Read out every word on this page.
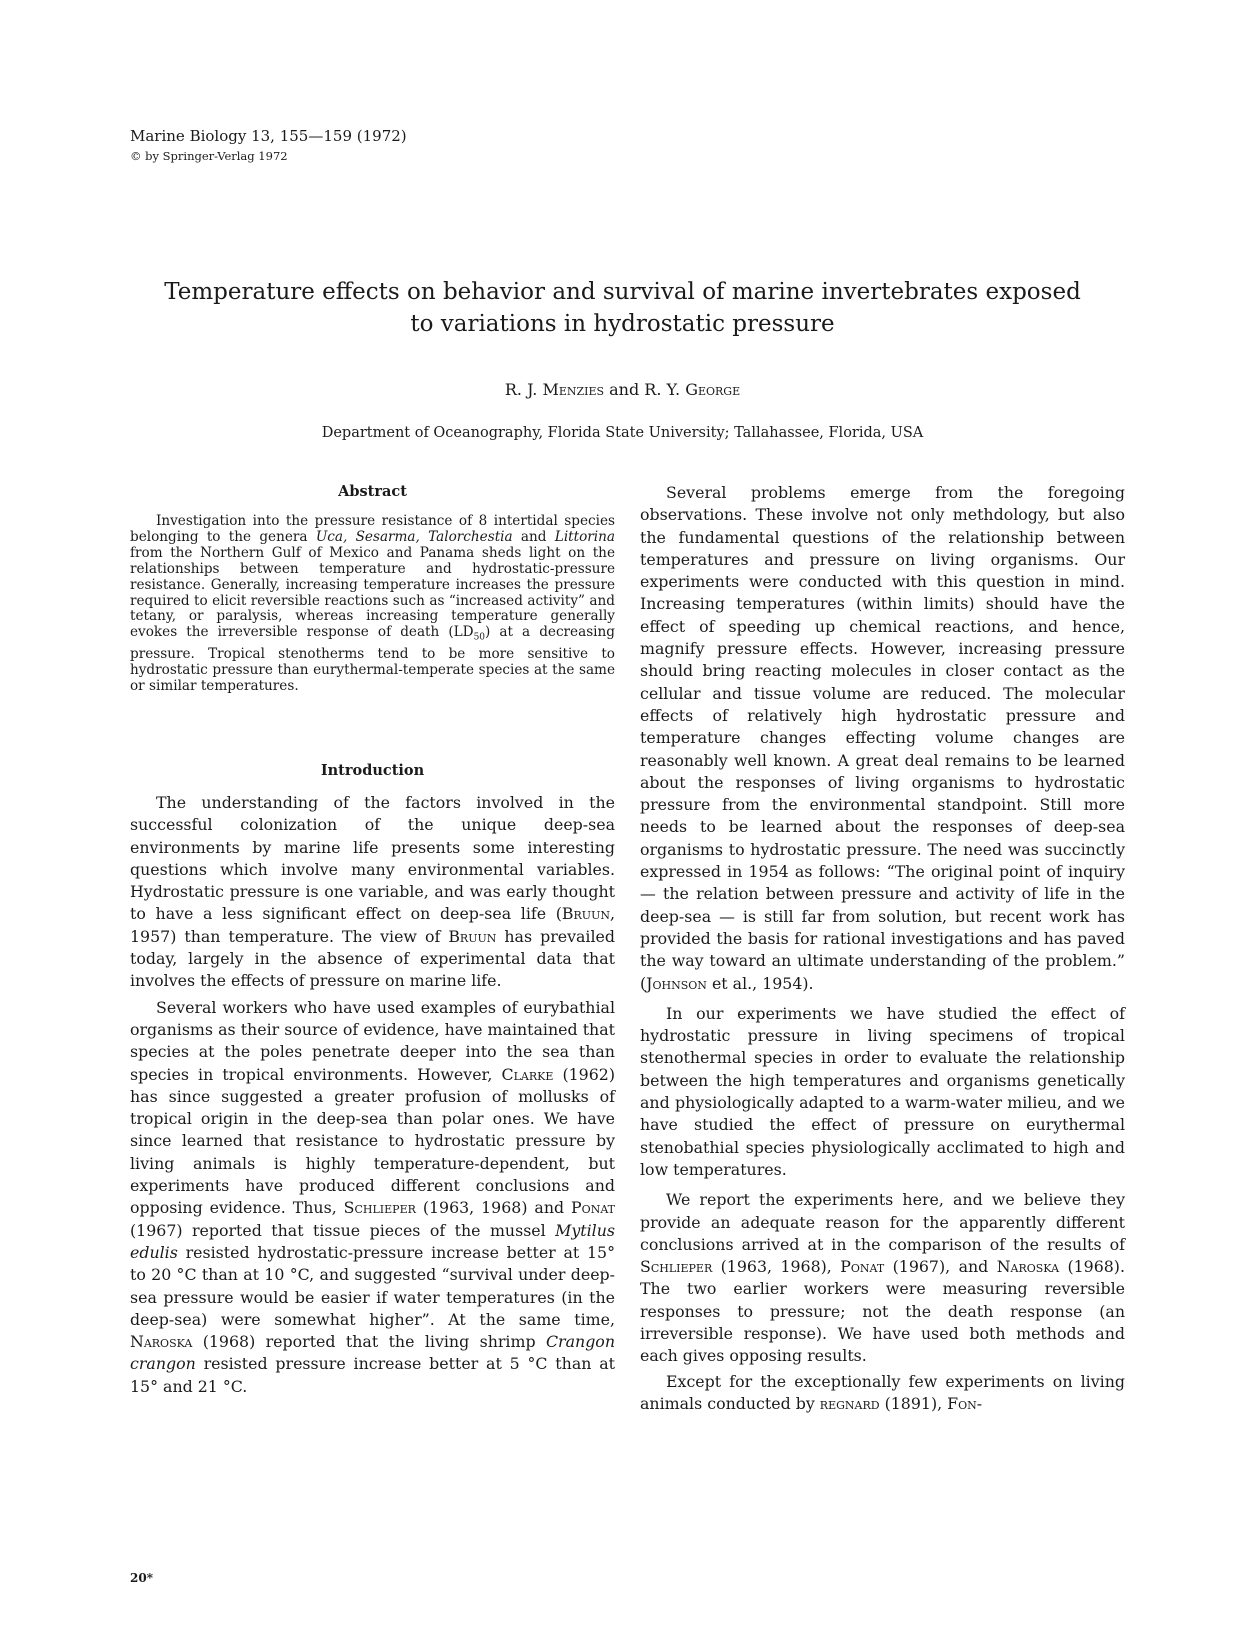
Marine Biology 13, 155—159 (1972)
© by Springer-Verlag 1972
Temperature effects on behavior and survival of marine invertebrates exposed
to variations in hydrostatic pressure
R. J. Menzies and R. Y. George
Department of Oceanography, Florida State University; Tallahassee, Florida, USA
Abstract

Investigation into the pressure resistance of 8 intertidal species belonging to the genera Uca, Sesarma, Talorchestia and Littorina from the Northern Gulf of Mexico and Panama sheds light on the relationships between temperature and hydrostatic-pressure resistance. Generally, increasing temperature increases the pressure required to elicit reversible reactions such as “increased activity” and tetany, or paralysis, whereas increasing temperature generally evokes the irreversible response of death $(LD_{50})$ at a decreasing pressure. Tropical stenotherms tend to be more sensitive to hydrostatic pressure than eurythermal-temperate species at the same or similar temperatures.

Introduction

The understanding of the factors involved in the successful colonization of the unique deep-sea environments by marine life presents some interesting questions which involve many environmental variables. Hydrostatic pressure is one variable, and was early thought to have a less significant effect on deep-sea life (Bruun, 1957) than temperature. The view of Bruun has prevailed today, largely in the absence of experimental data that involves the effects of pressure on marine life.

Several workers who have used examples of eurybathial organisms as their source of evidence, have maintained that species at the poles penetrate deeper into the sea than species in tropical environments. However, Clarke (1962) has since suggested a greater profusion of mollusks of tropical origin in the deep-sea than polar ones. We have since learned that resistance to hydrostatic pressure by living animals is highly temperature-dependent, but experiments have produced different conclusions and opposing evidence. Thus, Schlieper (1963, 1968) and Ponat (1967) reported that tissue pieces of the mussel Mytilus edulis resisted hydrostatic-pressure increase better at 15° to 20 °C than at 10 °C, and suggested “survival under deep-sea pressure would be easier if water temperatures (in the deep-sea) were somewhat higher”. At the same time, Naroska (1968) reported that the living shrimp Crangon crangon resisted pressure increase better at 5 °C than at 15° and 21 °C.

Several problems emerge from the foregoing observations. These involve not only methdology, but also the fundamental questions of the relationship between temperatures and pressure on living organisms. Our experiments were conducted with this question in mind. Increasing temperatures (within limits) should have the effect of speeding up chemical reactions, and hence, magnify pressure effects. However, increasing pressure should bring reacting molecules in closer contact as the cellular and tissue volume are reduced. The molecular effects of relatively high hydrostatic pressure and temperature changes effecting volume changes are reasonably well known. A great deal remains to be learned about the responses of living organisms to hydrostatic pressure from the environmental standpoint. Still more needs to be learned about the responses of deep-sea organisms to hydrostatic pressure. The need was succinctly expressed in 1954 as follows: “The original point of inquiry — the relation between pressure and activity of life in the deep-sea — is still far from solution, but recent work has provided the basis for rational investigations and has paved the way toward an ultimate understanding of the problem.” (Johnson et al., 1954).

In our experiments we have studied the effect of hydrostatic pressure in living specimens of tropical stenothermal species in order to evaluate the relationship between the high temperatures and organisms genetically and physiologically adapted to a warm-water milieu, and we have studied the effect of pressure on eurythermal stenobathial species physiologically acclimated to high and low temperatures.

We report the experiments here, and we believe they provide an adequate reason for the apparently different conclusions arrived at in the comparison of the results of Schlieper (1963, 1968), Ponat (1967), and Naroska (1968). The two earlier workers were measuring reversible responses to pressure; not the death response (an irreversible response). We have used both methods and each gives opposing results.

Except for the exceptionally few experiments on living animals conducted by regnard (1891), Fon-

20*
